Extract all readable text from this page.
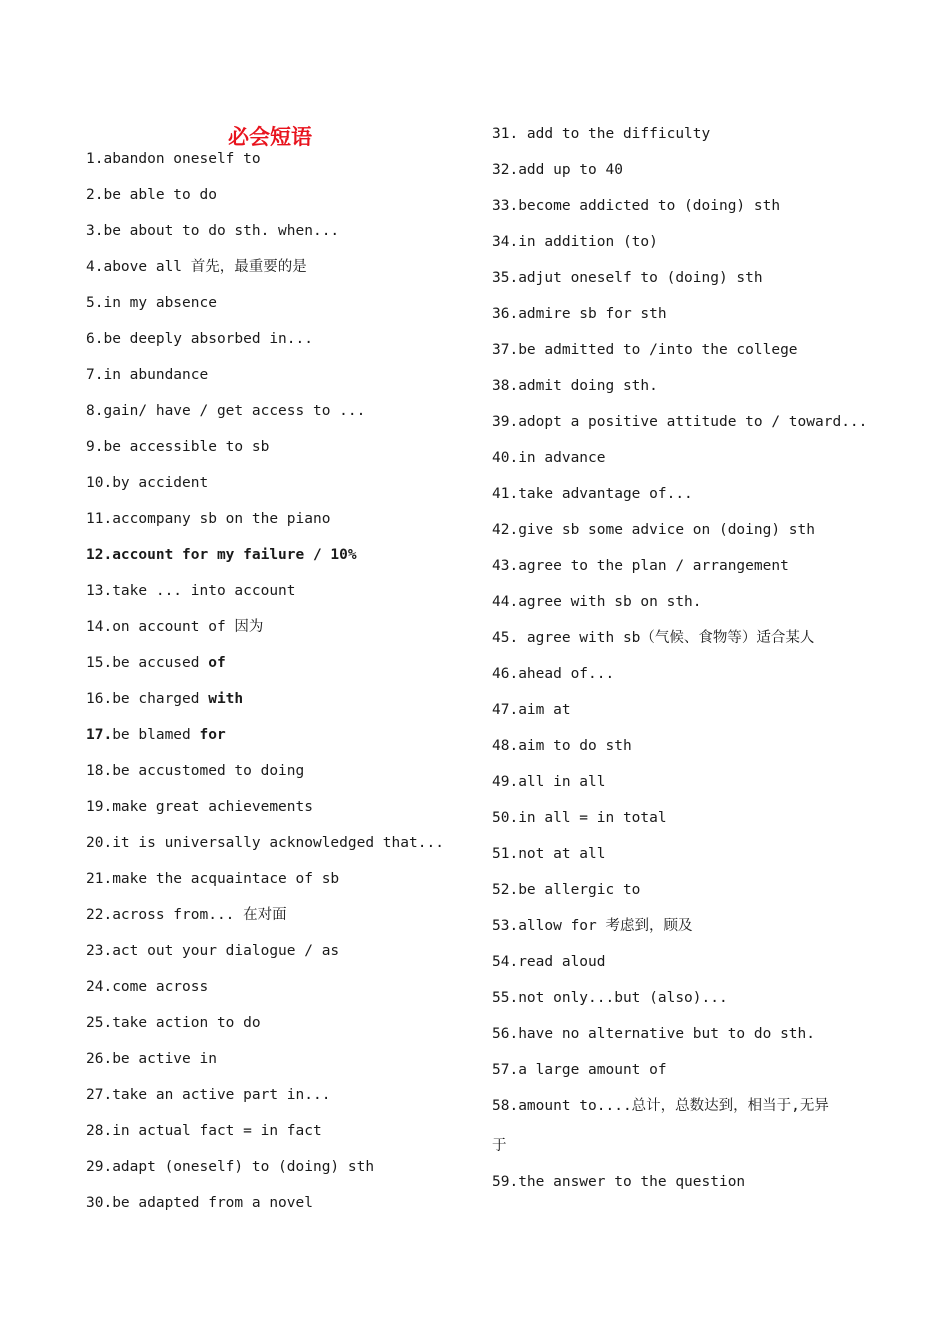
必会短语
1.abandon oneself to
2.be able to do
3.be about to do sth. when...
4.above all 首先，最重要的是
5.in my absence
6.be deeply absorbed in...
7.in abundance
8.gain/ have / get access to ...
9.be accessible to sb
10.by accident
11.accompany sb on the piano
12.account for my failure / 10%
13.take ... into account
14.on account of 因为
15.be accused of
16.be charged with
17.be blamed for
18.be accustomed to doing
19.make great achievements
20.it is universally acknowledged that...
21.make the acquaintace of sb
22.across from... 在对面
23.act out your dialogue / as
24.come across
25.take action to do
26.be active in
27.take an active part in...
28.in actual fact = in fact
29.adapt (oneself) to (doing) sth
30.be adapted from a novel
31. add to the difficulty
32.add up to 40
33.become addicted to (doing) sth
34.in addition (to)
35.adjut oneself to (doing) sth
36.admire sb for sth
37.be admitted to /into the college
38.admit doing sth.
39.adopt a positive attitude to / toward...
40.in advance
41.take advantage of...
42.give sb some advice on (doing) sth
43.agree to the plan / arrangement
44.agree with sb on sth.
45. agree with sb（气候、食物等）适合某人
46.ahead of...
47.aim at
48.aim to do sth
49.all in all
50.in all = in total
51.not at all
52.be allergic to
53.allow for 考虑到，顾及
54.read aloud
55.not only...but (also)...
56.have no alternative but to do sth.
57.a large amount of
58.amount to....总计，总数达到，相当于,无异
于
59.the answer to the question
